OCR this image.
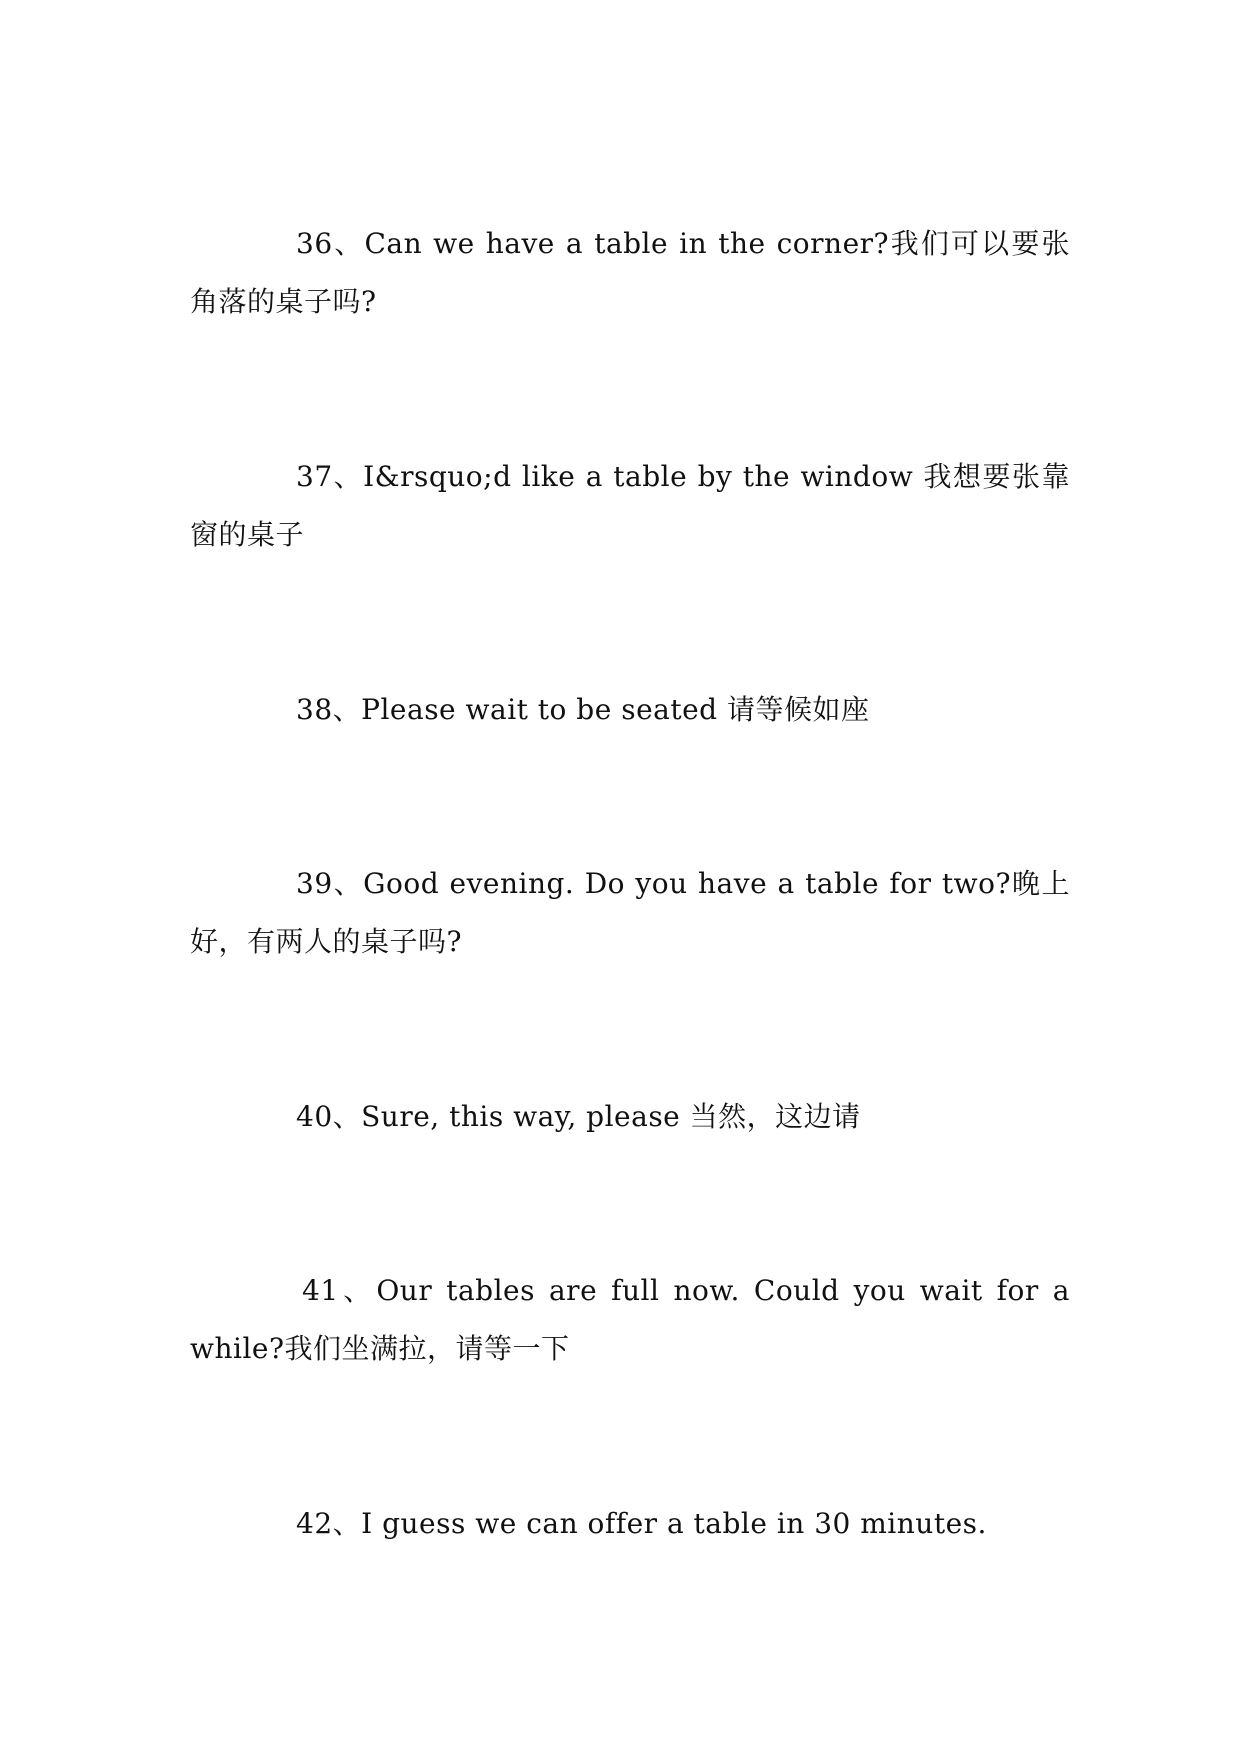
36、Can we have a table in the corner?我们可以要张角落的桌子吗?

37、I&rsquo;d like a table by the window 我想要张靠窗的桌子

38、Please wait to be seated 请等候如座

39、Good evening. Do you have a table for two?晚上好，有两人的桌子吗?

40、Sure, this way, please 当然，这边请

41、Our tables are full now. Could you wait for a while?我们坐满拉，请等一下

42、I guess we can offer a table in 30 minutes.
